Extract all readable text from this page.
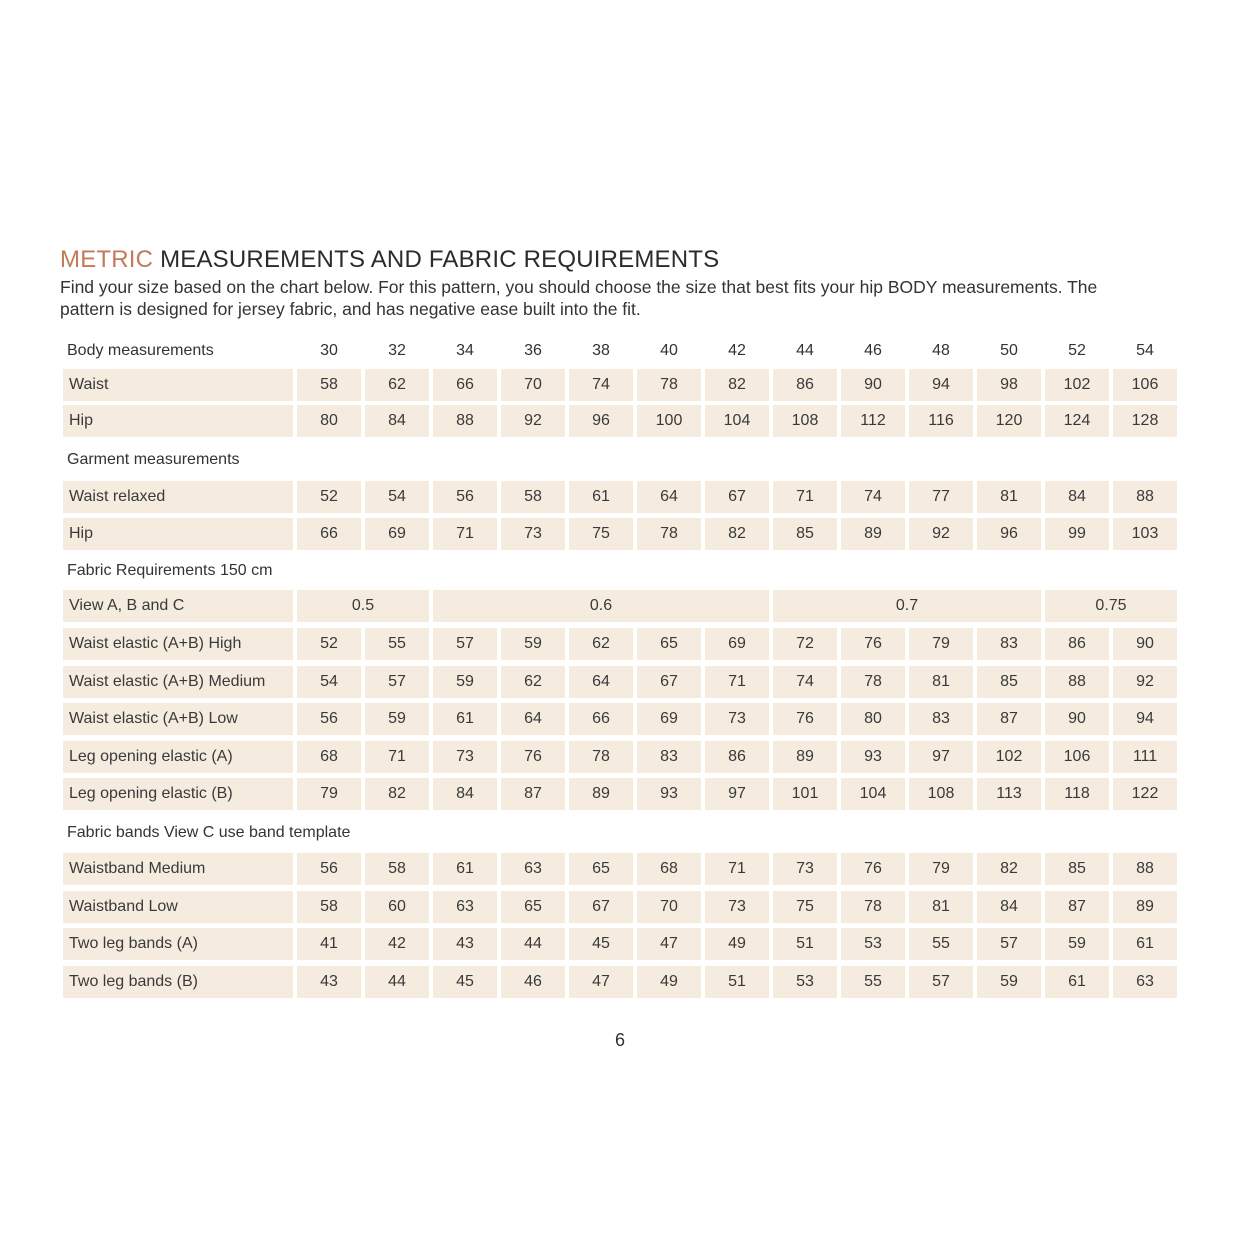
METRIC MEASUREMENTS AND FABRIC REQUIREMENTS
Find your size based on the chart below. For this pattern, you should choose the size that best fits your hip BODY measurements. The
pattern is designed for jersey fabric, and has negative ease built into the fit.
Body measurements	30	32	34	36	38	40	42	44	46	48	50	52	54
Waist	58	62	66	70	74	78	82	86	90	94	98	102	106
Hip	80	84	88	92	96	100	104	108	112	116	120	124	128
Garment measurements
Waist relaxed	52	54	56	58	61	64	67	71	74	77	81	84	88
Hip	66	69	71	73	75	78	82	85	89	92	96	99	103
Fabric Requirements 150 cm
View A, B and C	0.5	0.6	0.7	0.75
Waist elastic (A+B) High	52	55	57	59	62	65	69	72	76	79	83	86	90
Waist elastic (A+B) Medium	54	57	59	62	64	67	71	74	78	81	85	88	92
Waist elastic (A+B) Low	56	59	61	64	66	69	73	76	80	83	87	90	94
Leg opening elastic (A)	68	71	73	76	78	83	86	89	93	97	102	106	111
Leg opening elastic (B)	79	82	84	87	89	93	97	101	104	108	113	118	122
Fabric bands View C use band template
Waistband Medium	56	58	61	63	65	68	71	73	76	79	82	85	88
Waistband Low	58	60	63	65	67	70	73	75	78	81	84	87	89
Two leg bands (A)	41	42	43	44	45	47	49	51	53	55	57	59	61
Two leg bands (B)	43	44	45	46	47	49	51	53	55	57	59	61	63
6
